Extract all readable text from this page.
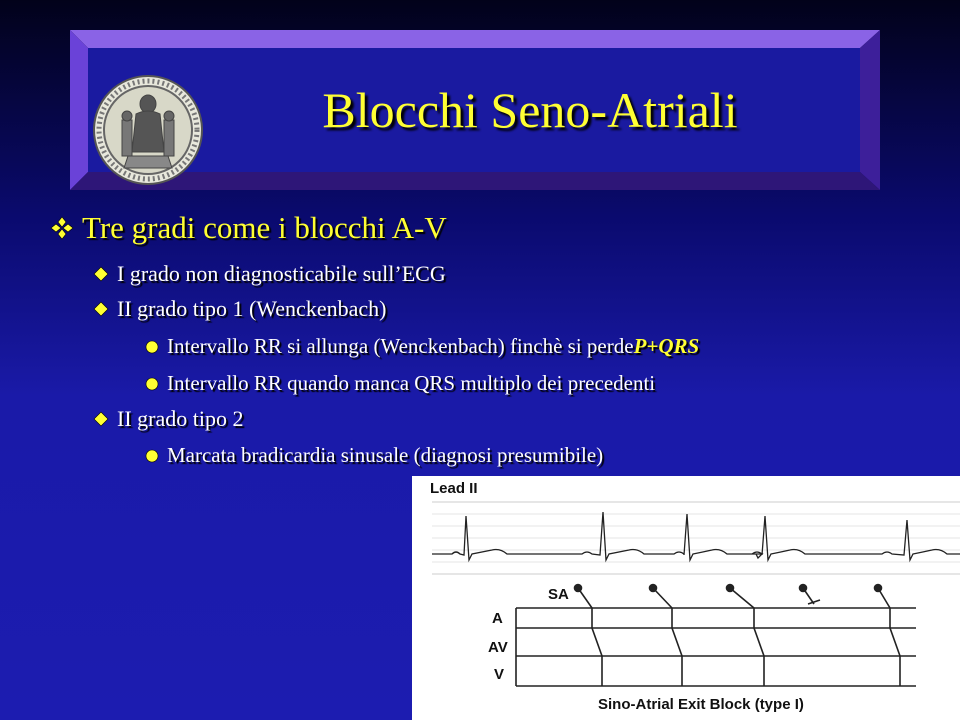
Blocchi Seno-Atriali
Tre gradi come i blocchi A-V
I grado non diagnosticabile sull’ECG
II grado tipo 1 (Wenckenbach)
Intervallo RR si allunga (Wenckenbach) finchè si perde P+QRS
Intervallo RR quando manca QRS multiplo dei precedenti
II grado tipo 2
Marcata bradicardia sinusale (diagnosi presumibile)
Lead II
SA
A
AV
V
Sino-Atrial Exit Block (type I)
